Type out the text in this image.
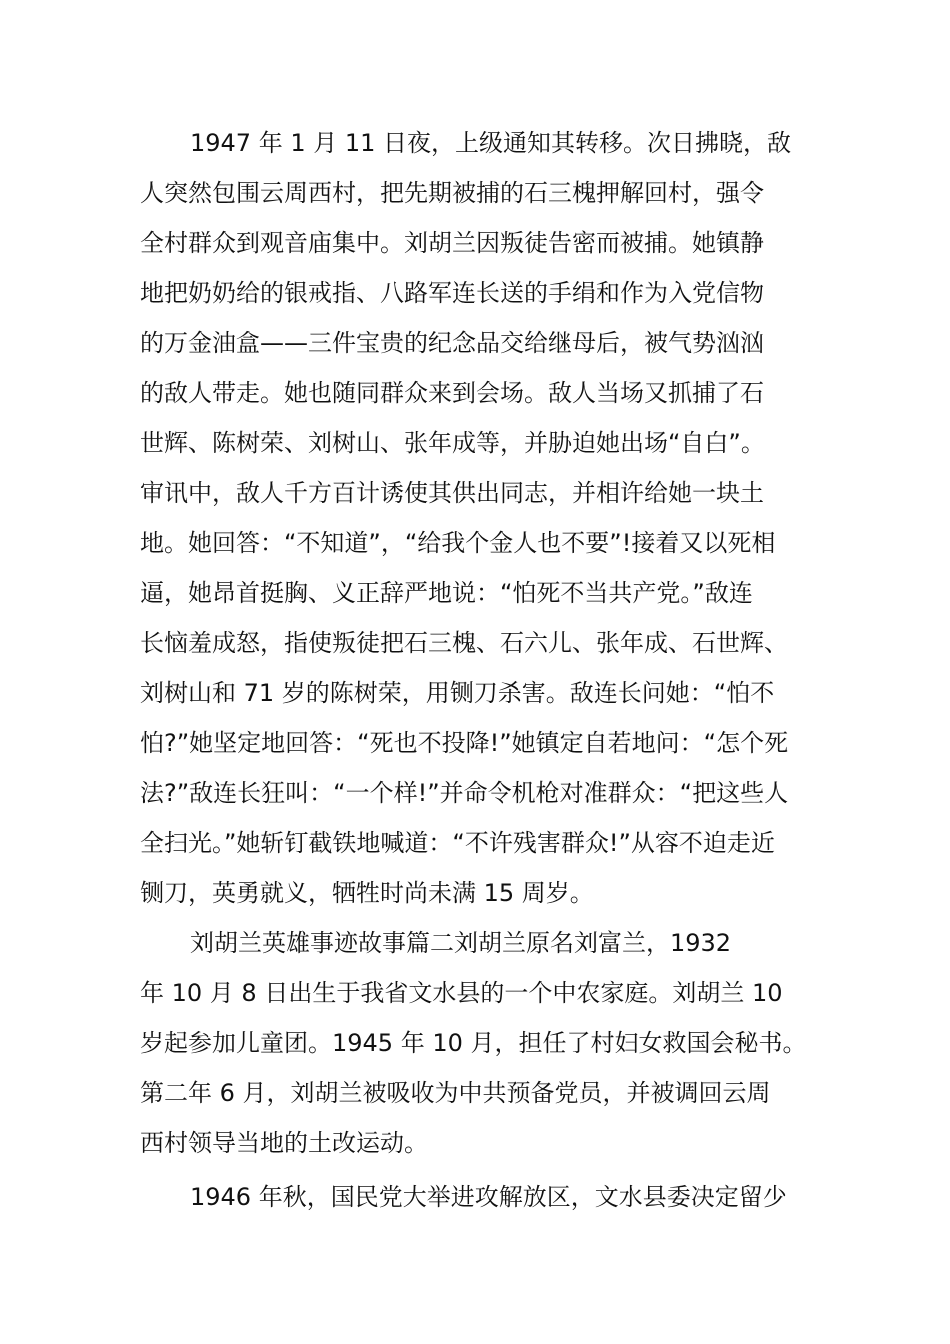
1947 年 1 月 11 日夜，上级通知其转移。次日拂晓，敌
人突然包围云周西村，把先期被捕的石三槐押解回村，强令
全村群众到观音庙集中。刘胡兰因叛徒告密而被捕。她镇静
地把奶奶给的银戒指、八路军连长送的手绢和作为入党信物
的万金油盒——三件宝贵的纪念品交给继母后，被气势汹汹
的敌人带走。她也随同群众来到会场。敌人当场又抓捕了石
世辉、陈树荣、刘树山、张年成等，并胁迫她出场“自白”。
审讯中，敌人千方百计诱使其供出同志，并相许给她一块土
地。她回答：“不知道”，“给我个金人也不要”!接着又以死相
逼，她昂首挺胸、义正辞严地说：“怕死不当共产党。”敌连
长恼羞成怒，指使叛徒把石三槐、石六儿、张年成、石世辉、
刘树山和 71 岁的陈树荣，用铡刀杀害。敌连长问她：“怕不
怕?”她坚定地回答：“死也不投降!”她镇定自若地问：“怎个死
法?”敌连长狂叫：“一个样!”并命令机枪对准群众：“把这些人
全扫光。”她斩钉截铁地喊道：“不许残害群众!”从容不迫走近
铡刀，英勇就义，牺牲时尚未满 15 周岁。
刘胡兰英雄事迹故事篇二刘胡兰原名刘富兰，1932
年 10 月 8 日出生于我省文水县的一个中农家庭。刘胡兰 10
岁起参加儿童团。1945 年 10 月，担任了村妇女救国会秘书。
第二年 6 月，刘胡兰被吸收为中共预备党员，并被调回云周
西村领导当地的土改运动。
1946 年秋，国民党大举进攻解放区，文水县委决定留少
